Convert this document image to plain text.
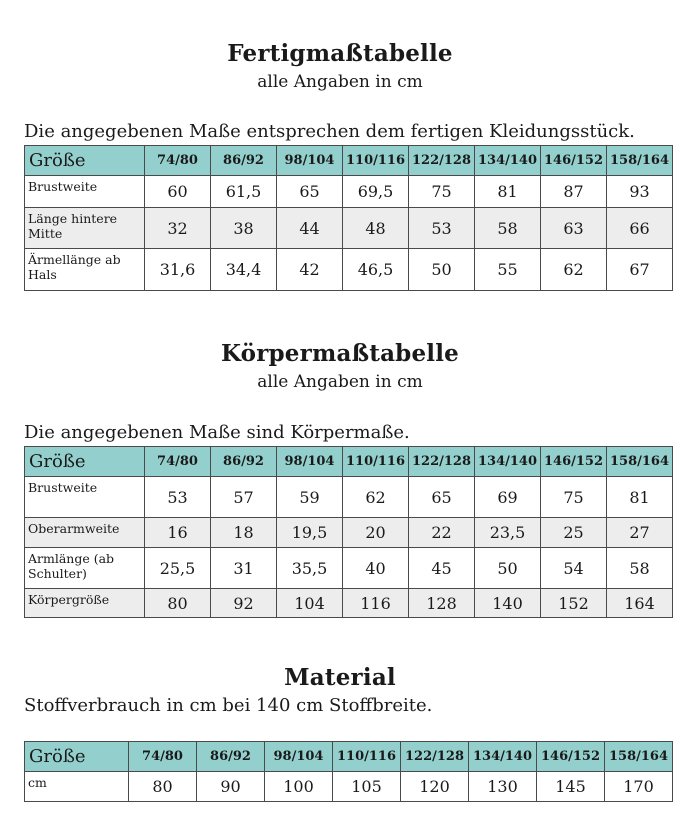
Fertigmaßtabelle
alle Angaben in cm
Die angegebenen Maße entsprechen dem fertigen Kleidungsstück.
Größe	74/80	86/92	98/104	110/116	122/128	134/140	146/152	158/164
Brustweite	60	61,5	65	69,5	75	81	87	93
Länge hintere Mitte	32	38	44	48	53	58	63	66
Ärmellänge ab Hals	31,6	34,4	42	46,5	50	55	62	67
Körpermaßtabelle
alle Angaben in cm
Die angegebenen Maße sind Körpermaße.
Größe	74/80	86/92	98/104	110/116	122/128	134/140	146/152	158/164
Brustweite	53	57	59	62	65	69	75	81
Oberarmweite	16	18	19,5	20	22	23,5	25	27
Armlänge (ab Schulter)	25,5	31	35,5	40	45	50	54	58
Körpergröße	80	92	104	116	128	140	152	164
Material
Stoffverbrauch in cm bei 140 cm Stoffbreite.
Größe	74/80	86/92	98/104	110/116	122/128	134/140	146/152	158/164
cm	80	90	100	105	120	130	145	170
